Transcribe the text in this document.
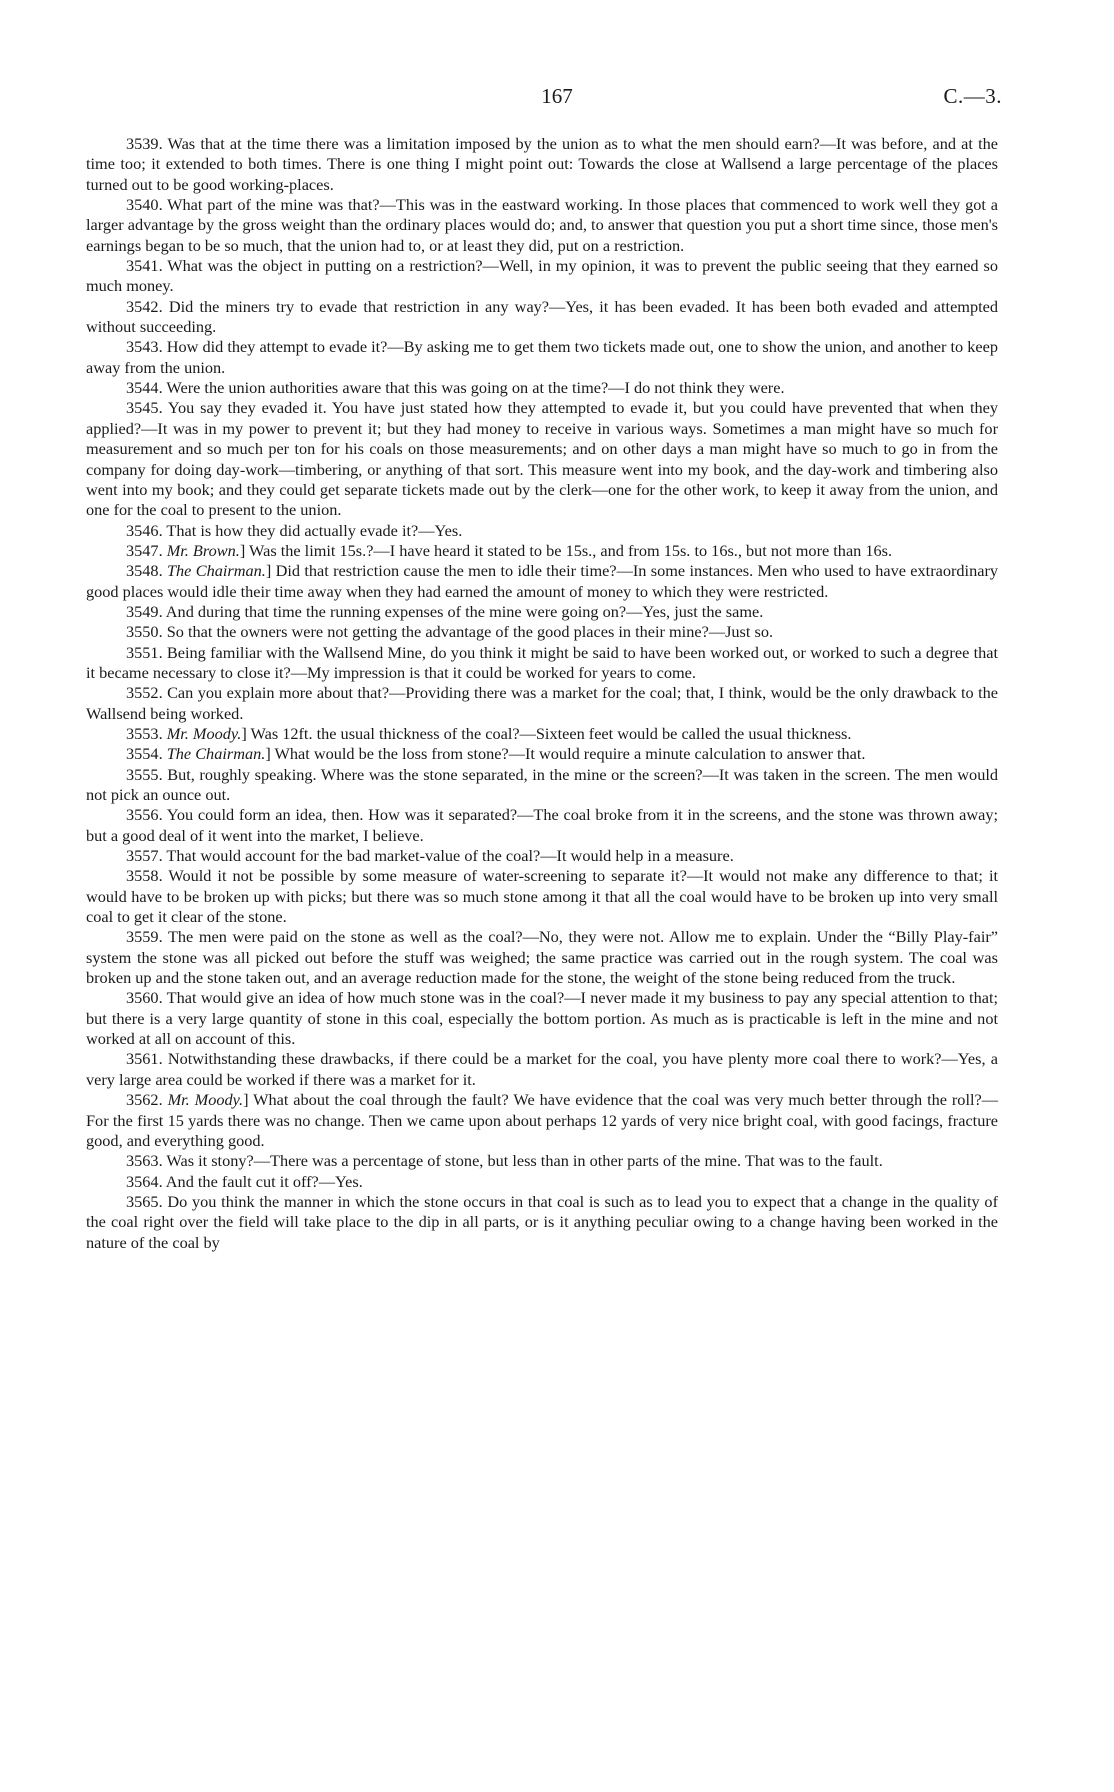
167	C.—3.

3539. Was that at the time there was a limitation imposed by the union as to what the men should earn?—It was before, and at the time too; it extended to both times. There is one thing I might point out: Towards the close at Wallsend a large percentage of the places turned out to be good working-places.

3540. What part of the mine was that?—This was in the eastward working. In those places that commenced to work well they got a larger advantage by the gross weight than the ordinary places would do; and, to answer that question you put a short time since, those men's earnings began to be so much, that the union had to, or at least they did, put on a restriction.

3541. What was the object in putting on a restriction?—Well, in my opinion, it was to prevent the public seeing that they earned so much money.

3542. Did the miners try to evade that restriction in any way?—Yes, it has been evaded. It has been both evaded and attempted without succeeding.

3543. How did they attempt to evade it?—By asking me to get them two tickets made out, one to show the union, and another to keep away from the union.

3544. Were the union authorities aware that this was going on at the time?—I do not think they were.

3545. You say they evaded it. You have just stated how they attempted to evade it, but you could have prevented that when they applied?—It was in my power to prevent it; but they had money to receive in various ways. Sometimes a man might have so much for measurement and so much per ton for his coals on those measurements; and on other days a man might have so much to go in from the company for doing day-work—timbering, or anything of that sort. This measure went into my book, and the day-work and timbering also went into my book; and they could get separate tickets made out by the clerk—one for the other work, to keep it away from the union, and one for the coal to present to the union.

3546. That is how they did actually evade it?—Yes.

3547. Mr. Brown.] Was the limit 15s.?—I have heard it stated to be 15s., and from 15s. to 16s., but not more than 16s.

3548. The Chairman.] Did that restriction cause the men to idle their time?—In some instances. Men who used to have extraordinary good places would idle their time away when they had earned the amount of money to which they were restricted.

3549. And during that time the running expenses of the mine were going on?—Yes, just the same.

3550. So that the owners were not getting the advantage of the good places in their mine?—Just so.

3551. Being familiar with the Wallsend Mine, do you think it might be said to have been worked out, or worked to such a degree that it became necessary to close it?—My impression is that it could be worked for years to come.

3552. Can you explain more about that?—Providing there was a market for the coal; that, I think, would be the only drawback to the Wallsend being worked.

3553. Mr. Moody.] Was 12ft. the usual thickness of the coal?—Sixteen feet would be called the usual thickness.

3554. The Chairman.] What would be the loss from stone?—It would require a minute calculation to answer that.

3555. But, roughly speaking. Where was the stone separated, in the mine or the screen?—It was taken in the screen. The men would not pick an ounce out.

3556. You could form an idea, then. How was it separated?—The coal broke from it in the screens, and the stone was thrown away; but a good deal of it went into the market, I believe.

3557. That would account for the bad market-value of the coal?—It would help in a measure.

3558. Would it not be possible by some measure of water-screening to separate it?—It would not make any difference to that; it would have to be broken up with picks; but there was so much stone among it that all the coal would have to be broken up into very small coal to get it clear of the stone.

3559. The men were paid on the stone as well as the coal?—No, they were not. Allow me to explain. Under the “Billy Play-fair” system the stone was all picked out before the stuff was weighed; the same practice was carried out in the rough system. The coal was broken up and the stone taken out, and an average reduction made for the stone, the weight of the stone being reduced from the truck.

3560. That would give an idea of how much stone was in the coal?—I never made it my business to pay any special attention to that; but there is a very large quantity of stone in this coal, especially the bottom portion. As much as is practicable is left in the mine and not worked at all on account of this.

3561. Notwithstanding these drawbacks, if there could be a market for the coal, you have plenty more coal there to work?—Yes, a very large area could be worked if there was a market for it.

3562. Mr. Moody.] What about the coal through the fault? We have evidence that the coal was very much better through the roll?—For the first 15 yards there was no change. Then we came upon about perhaps 12 yards of very nice bright coal, with good facings, fracture good, and everything good.

3563. Was it stony?—There was a percentage of stone, but less than in other parts of the mine. That was to the fault.

3564. And the fault cut it off?—Yes.

3565. Do you think the manner in which the stone occurs in that coal is such as to lead you to expect that a change in the quality of the coal right over the field will take place to the dip in all parts, or is it anything peculiar owing to a change having been worked in the nature of the coal by
